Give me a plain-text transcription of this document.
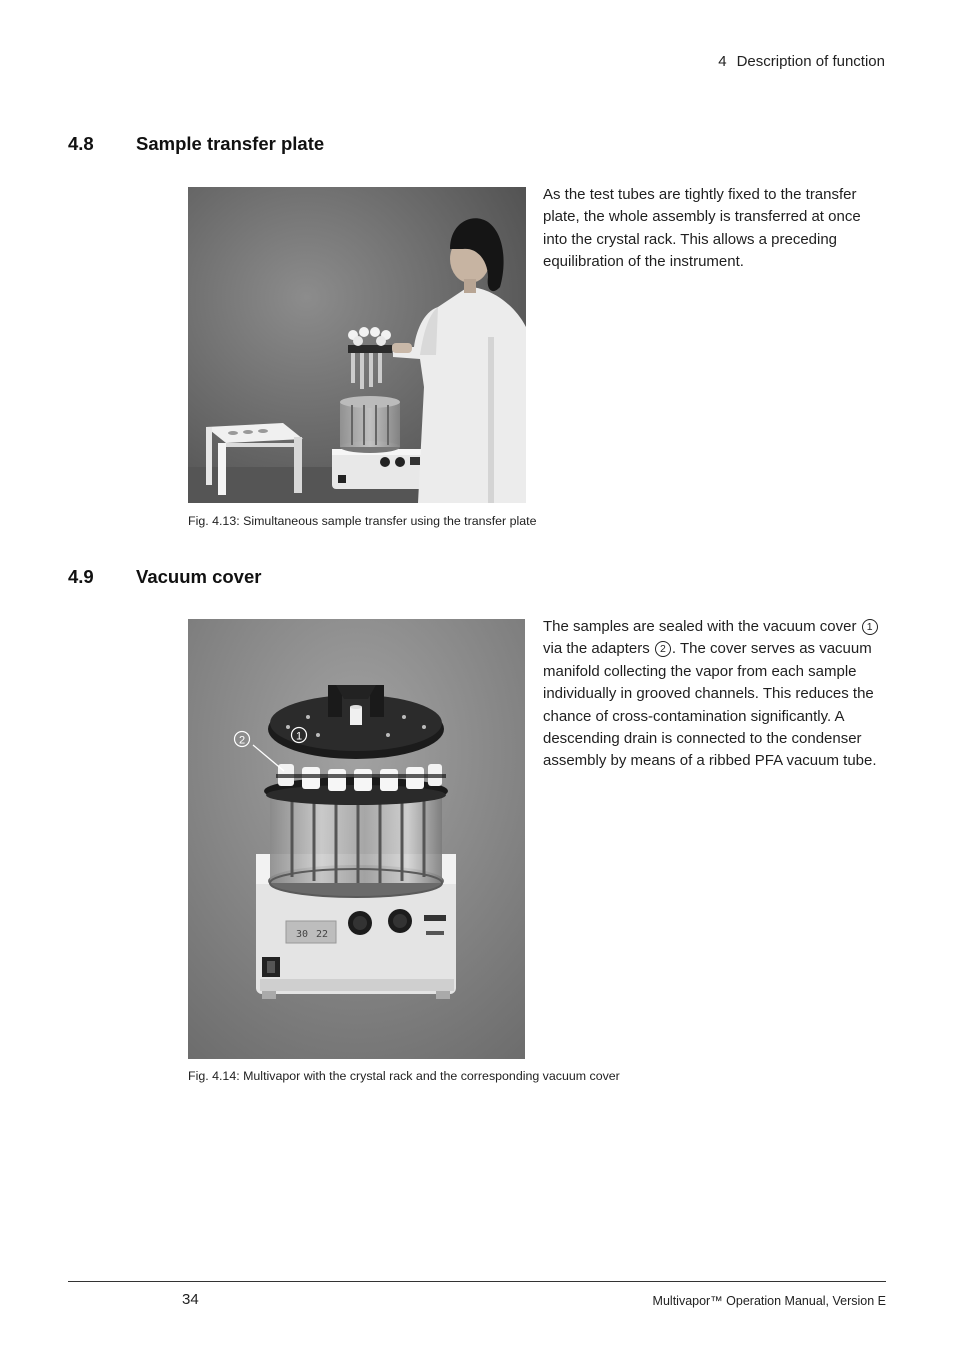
4 Description of function
4.8 Sample transfer plate

As the test tubes are tightly fixed to the transfer plate, the whole assembly is transferred at once into the crystal rack. This allows a preceding equilibration of the instrument.

Fig. 4.13: Simultaneous sample transfer using the transfer plate
4.9 Vacuum cover
30 22
2	1

The samples are sealed with the vacuum cover 1 via the adapters 2 . The cover serves as vacuum manifold collecting the vapor from each sample individually in grooved channels. This reduces the chance of cross-contamination significantly. A descending drain is connected to the condenser assembly by means of a ribbed PFA vacuum tube.

Fig. 4.14: Multivapor with the crystal rack and the corresponding vacuum cover
34	Multivapor™ Operation Manual, Version E
